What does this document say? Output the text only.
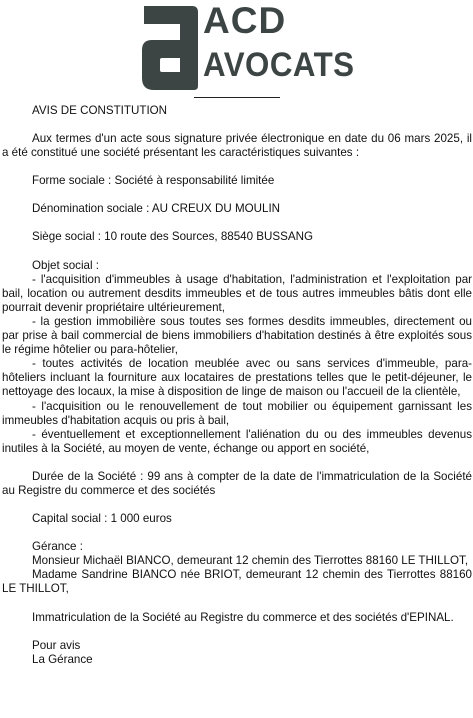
ACD
AVOCATS

AVIS DE CONSTITUTION

Aux termes d'un acte sous signature privée électronique en date du 06 mars 2025, il a été constitué une société présentant les caractéristiques suivantes :

Forme sociale : Société à responsabilité limitée

Dénomination sociale : AU CREUX DU MOULIN

Siège social : 10 route des Sources, 88540 BUSSANG

Objet social :

- l'acquisition d'immeubles à usage d'habitation, l'administration et l'exploitation par bail, location ou autrement desdits immeubles et de tous autres immeubles bâtis dont elle pourrait devenir propriétaire ultérieurement,

- la gestion immobilière sous toutes ses formes desdits immeubles, directement ou par prise à bail commercial de biens immobiliers d'habitation destinés à être exploités sous le régime hôtelier ou para-hôtelier,

- toutes activités de location meublée avec ou sans services d'immeuble, para-hôteliers incluant la fourniture aux locataires de prestations telles que le petit-déjeuner, le nettoyage des locaux, la mise à disposition de linge de maison ou l'accueil de la clientèle,

- l'acquisition ou le renouvellement de tout mobilier ou équipement garnissant les immeubles d'habitation acquis ou pris à bail,

- éventuellement et exceptionnellement l'aliénation du ou des immeubles devenus inutiles à la Société, au moyen de vente, échange ou apport en société,

Durée de la Société : 99 ans à compter de la date de l'immatriculation de la Société au Registre du commerce et des sociétés

Capital social : 1 000 euros

Gérance :

Monsieur Michaël BIANCO, demeurant 12 chemin des Tierrottes 88160 LE THILLOT,

Madame Sandrine BIANCO née BRIOT, demeurant 12 chemin des Tierrottes 88160 LE THILLOT,

Immatriculation de la Société au Registre du commerce et des sociétés d'EPINAL.

Pour avis

La Gérance
